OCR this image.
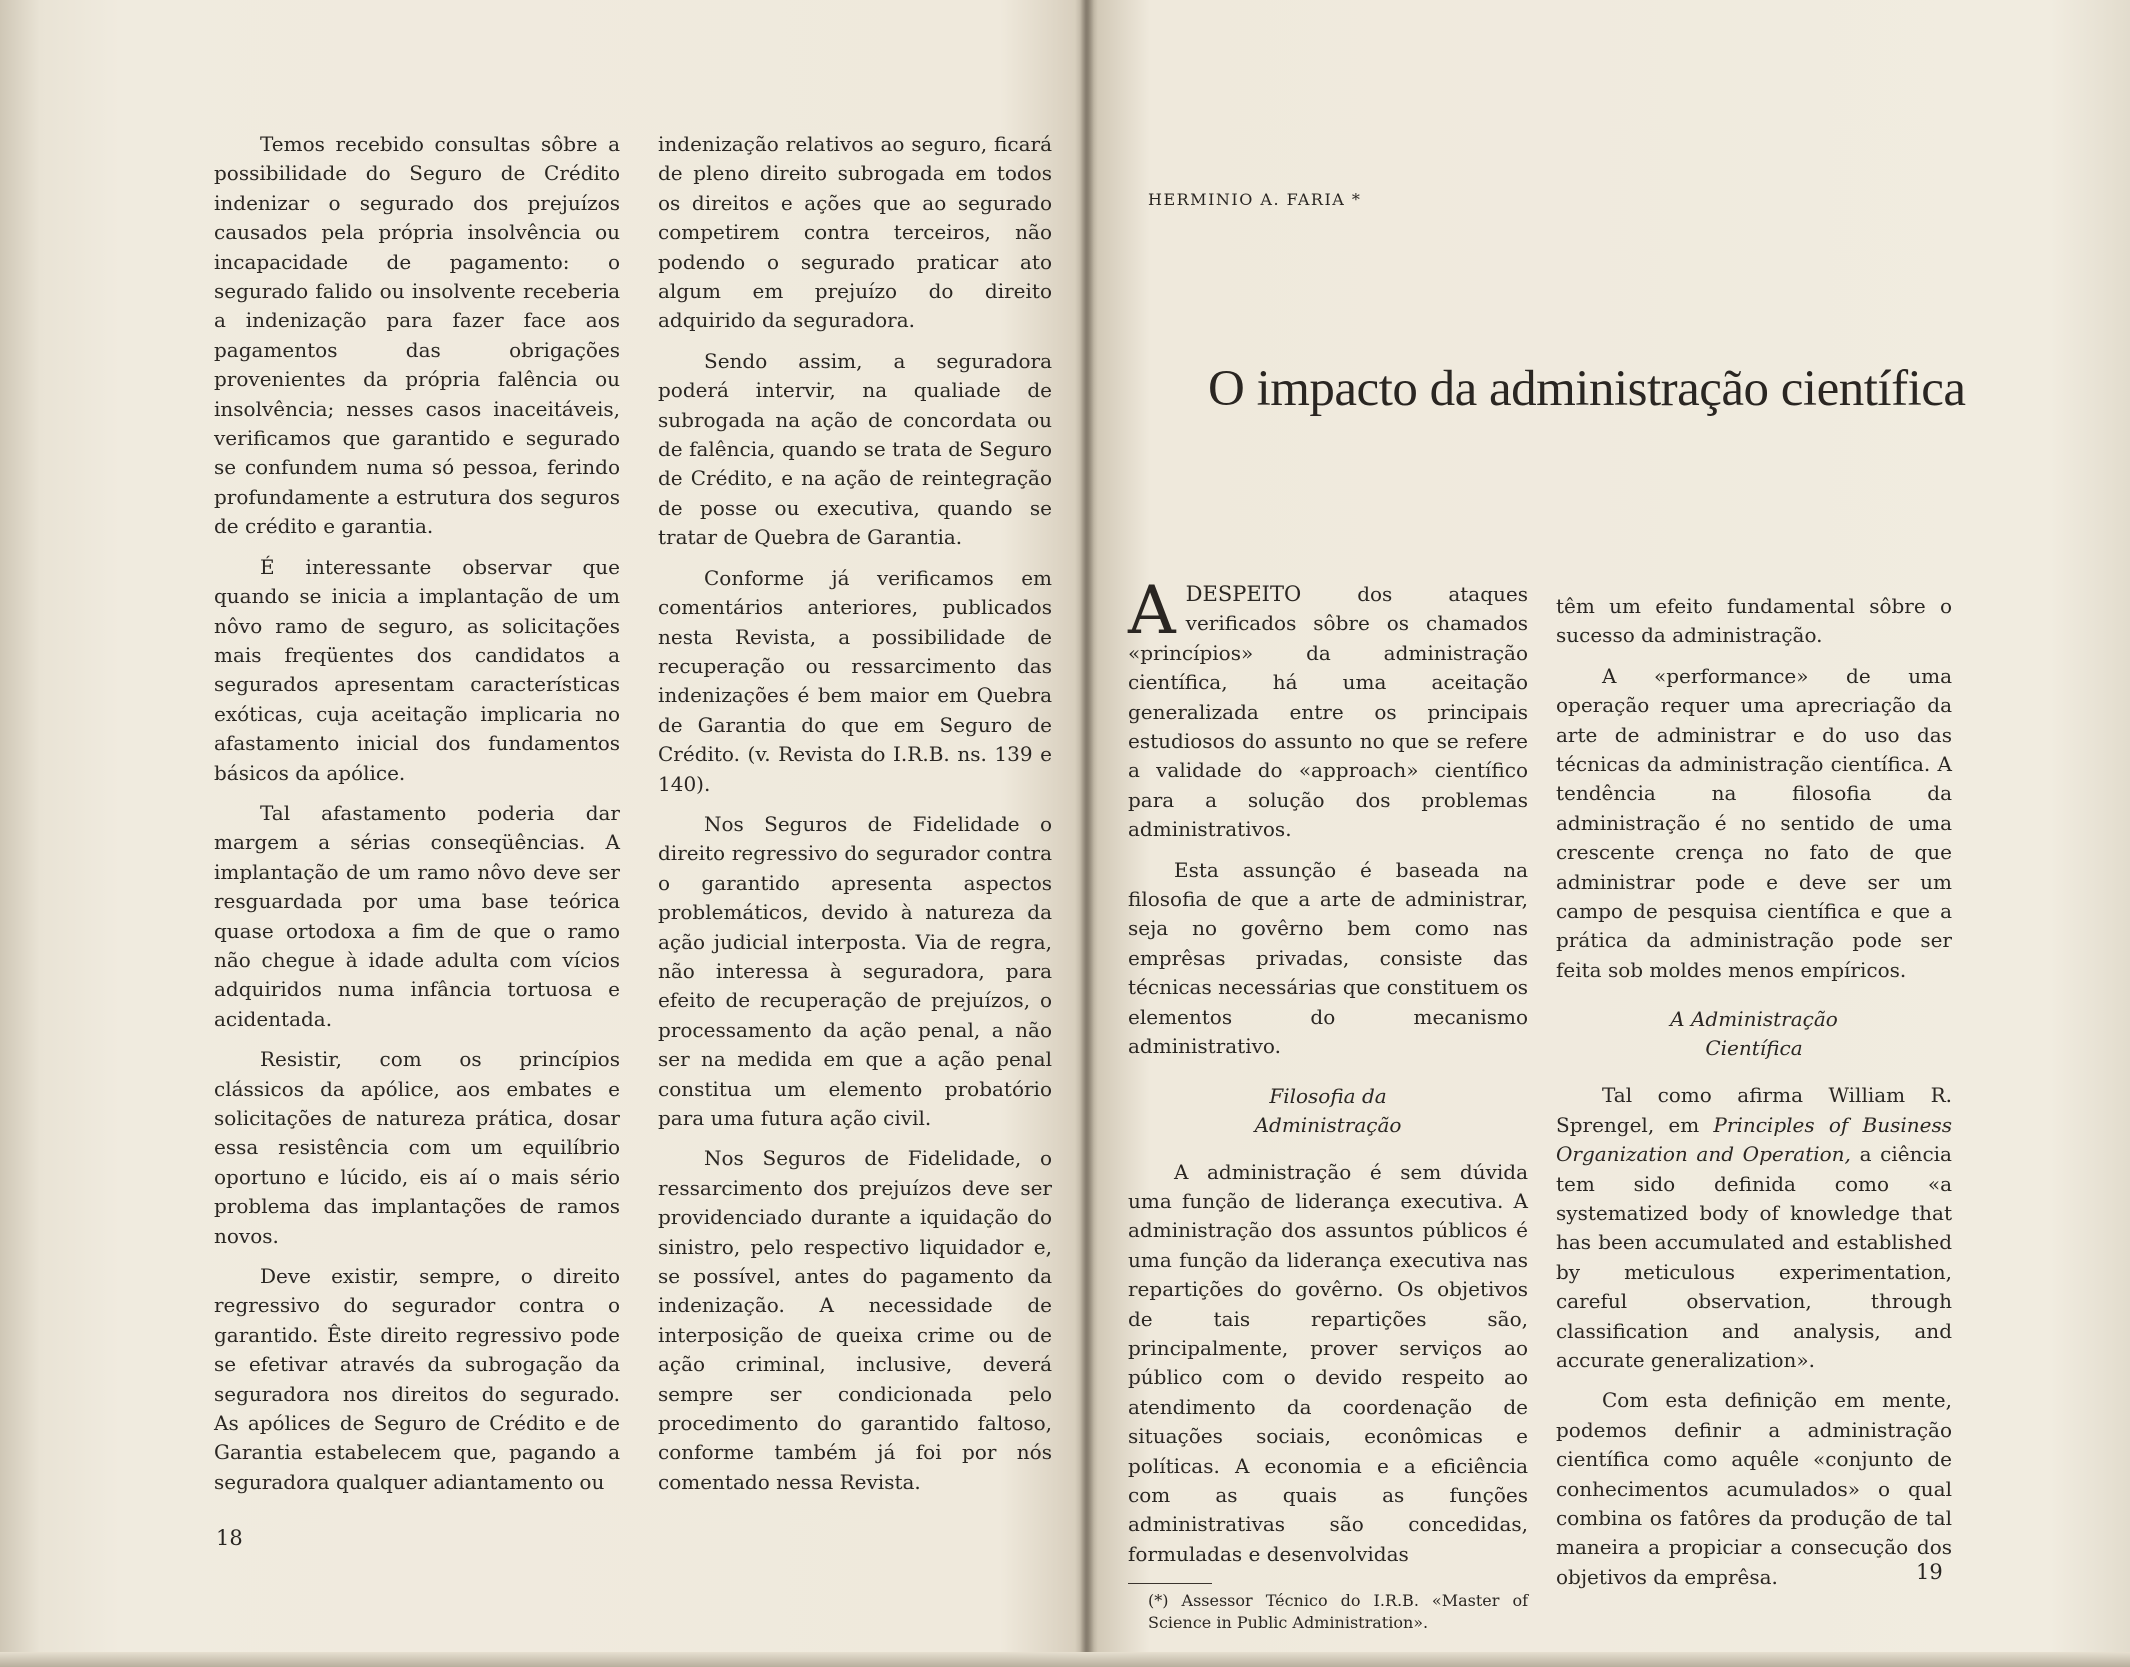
Temos recebido consultas sôbre a possibilidade do Seguro de Crédito indenizar o segurado dos prejuízos causados pela própria insolvência ou incapacidade de pagamento: o segurado falido ou insolvente receberia a indenização para fazer face aos pagamentos das obrigações provenientes da própria falência ou insolvência; nesses casos inaceitáveis, verificamos que garantido e segurado se confundem numa só pessoa, ferindo profundamente a estrutura dos seguros de crédito e garantia.

É interessante observar que quando se inicia a implantação de um nôvo ramo de seguro, as solicitações mais freqüentes dos candidatos a segurados apresentam características exóticas, cuja aceitação implicaria no afastamento inicial dos fundamentos básicos da apólice.

Tal afastamento poderia dar margem a sérias conseqüências. A implantação de um ramo nôvo deve ser resguardada por uma base teórica quase ortodoxa a fim de que o ramo não chegue à idade adulta com vícios adquiridos numa infância tortuosa e acidentada.

Resistir, com os princípios clássicos da apólice, aos embates e solicitações de natureza prática, dosar essa resistência com um equilíbrio oportuno e lúcido, eis aí o mais sério problema das implantações de ramos novos.

Deve existir, sempre, o direito regressivo do segurador contra o garantido. Êste direito regressivo pode se efetivar através da subrogação da seguradora nos direitos do segurado. As apólices de Seguro de Crédito e de Garantia estabelecem que, pagando a seguradora qualquer adiantamento ou

indenização relativos ao seguro, ficará de pleno direito subrogada em todos os direitos e ações que ao segurado competirem contra terceiros, não podendo o segurado praticar ato algum em prejuízo do direito adquirido da seguradora.

Sendo assim, a seguradora poderá intervir, na qualiade de subrogada na ação de concordata ou de falência, quando se trata de Seguro de Crédito, e na ação de reintegração de posse ou executiva, quando se tratar de Quebra de Garantia.

Conforme já verificamos em comentários anteriores, publicados nesta Revista, a possibilidade de recuperação ou ressarcimento das indenizações é bem maior em Quebra de Garantia do que em Seguro de Crédito. (v. Revista do I.R.B. ns. 139 e 140).

Nos Seguros de Fidelidade o direito regressivo do segurador contra o garantido apresenta aspectos problemáticos, devido à natureza da ação judicial interposta. Via de regra, não interessa à seguradora, para efeito de recuperação de prejuízos, o processamento da ação penal, a não ser na medida em que a ação penal constitua um elemento probatório para uma futura ação civil.

Nos Seguros de Fidelidade, o ressarcimento dos prejuízos deve ser providenciado durante a iquidação do sinistro, pelo respectivo liquidador e, se possível, antes do pagamento da indenização. A necessidade de interposição de queixa crime ou de ação criminal, inclusive, deverá sempre ser condicionada pelo procedimento do garantido faltoso, conforme também já foi por nós comentado nessa Revista.

18
HERMINIO A. FARIA *
O impacto da administração científica

ADESPEITO dos ataques verificados sôbre os chamados «princípios» da administração científica, há uma aceitação generalizada entre os principais estudiosos do assunto no que se refere a validade do «approach» científico para a solução dos problemas administrativos.

Esta assunção é baseada na filosofia de que a arte de administrar, seja no govêrno bem como nas emprêsas privadas, consiste das técnicas necessárias que constituem os elementos do mecanismo administrativo.

Filosofia da
Administração

A administração é sem dúvida uma função de liderança executiva. A administração dos assuntos públicos é uma função da liderança executiva nas repartições do govêrno. Os objetivos de tais repartições são, principalmente, prover serviços ao público com o devido respeito ao atendimento da coordenação de situações sociais, econômicas e políticas. A economia e a eficiência com as quais as funções administrativas são concedidas, formuladas e desenvolvidas

(*) Assessor Técnico do I.R.B. «Master of Science in Public Administration».

têm um efeito fundamental sôbre o sucesso da administração.

A «performance» de uma operação requer uma aprecriação da arte de administrar e do uso das técnicas da administração científica. A tendência na filosofia da administração é no sentido de uma crescente crença no fato de que administrar pode e deve ser um campo de pesquisa científica e que a prática da administração pode ser feita sob moldes menos empíricos.

A Administração
Científica

Tal como afirma William R. Sprengel, em Principles of Business Organization and Operation, a ciência tem sido definida como «a systematized body of knowledge that has been accumulated and established by meticulous experimentation, careful observation, through classification and analysis, and accurate generalization».

Com esta definição em mente, podemos definir a administração científica como aquêle «conjunto de conhecimentos acumulados» o qual combina os fatôres da produção de tal maneira a propiciar a consecução dos objetivos da emprêsa.	19
